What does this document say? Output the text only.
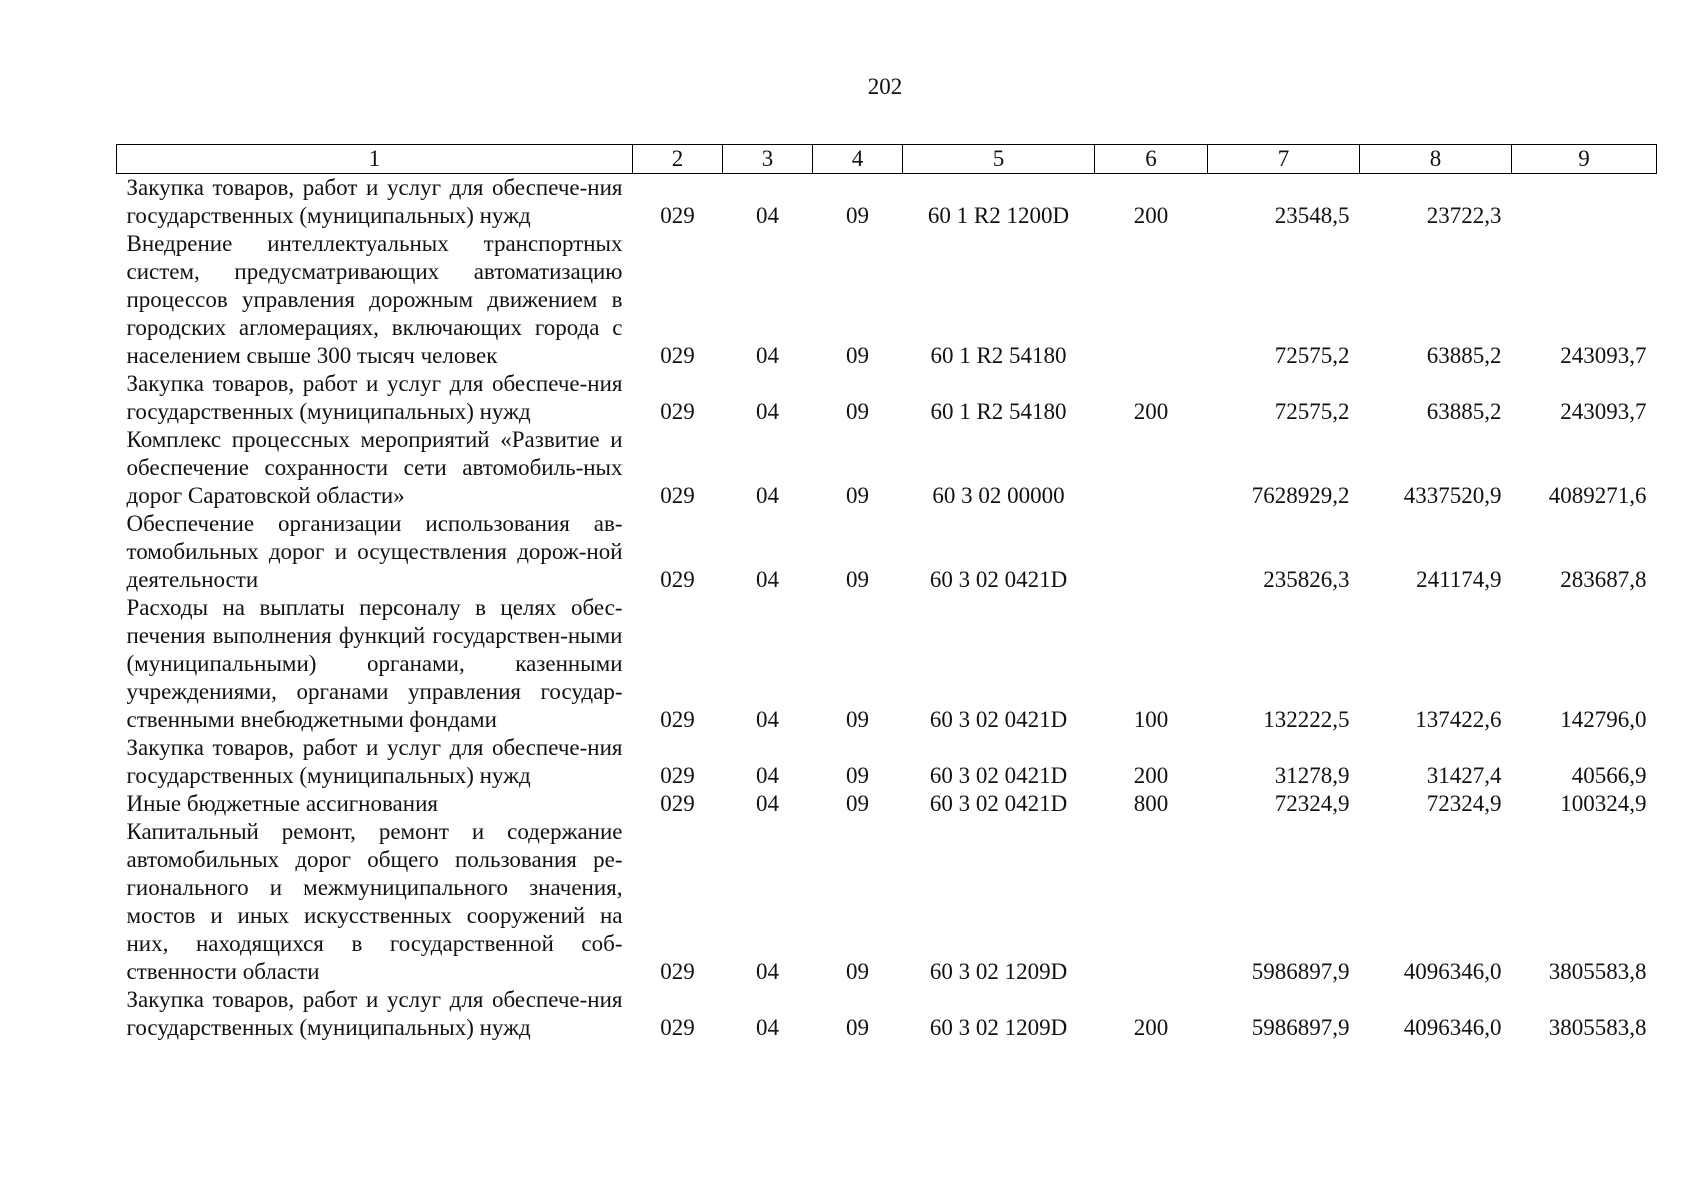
202
1	2	3	4	5	6	7	8	9
Закупка товаров, работ и услуг для обеспече-ния государственных (муниципальных) нужд	029	04	09	60 1 R2 1200D	200	23548,5	23722,3	
Внедрение интеллектуальных транспортных систем, предусматривающих автоматизацию процессов управления дорожным движением в городских агломерациях, включающих города с населением свыше 300 тысяч человек	029	04	09	60 1 R2 54180		72575,2	63885,2	243093,7
Закупка товаров, работ и услуг для обеспече-ния государственных (муниципальных) нужд	029	04	09	60 1 R2 54180	200	72575,2	63885,2	243093,7
Комплекс процессных мероприятий «Развитие и обеспечение сохранности сети автомобиль-ных дорог Саратовской области»	029	04	09	60 3 02 00000		7628929,2	4337520,9	4089271,6
Обеспечение организации использования ав-томобильных дорог и осуществления дорож-ной деятельности	029	04	09	60 3 02 0421D		235826,3	241174,9	283687,8
Расходы на выплаты персоналу в целях обес-печения выполнения функций государствен-ными (муниципальными) органами, казенными учреждениями, органами управления государ-ственными внебюджетными фондами	029	04	09	60 3 02 0421D	100	132222,5	137422,6	142796,0
Закупка товаров, работ и услуг для обеспече-ния государственных (муниципальных) нужд	029	04	09	60 3 02 0421D	200	31278,9	31427,4	40566,9
Иные бюджетные ассигнования	029	04	09	60 3 02 0421D	800	72324,9	72324,9	100324,9
Капитальный ремонт, ремонт и содержание автомобильных дорог общего пользования ре-гионального и межмуниципального значения, мостов и иных искусственных сооружений на них, находящихся в государственной соб-ственности области	029	04	09	60 3 02 1209D		5986897,9	4096346,0	3805583,8
Закупка товаров, работ и услуг для обеспече-ния государственных (муниципальных) нужд	029	04	09	60 3 02 1209D	200	5986897,9	4096346,0	3805583,8
